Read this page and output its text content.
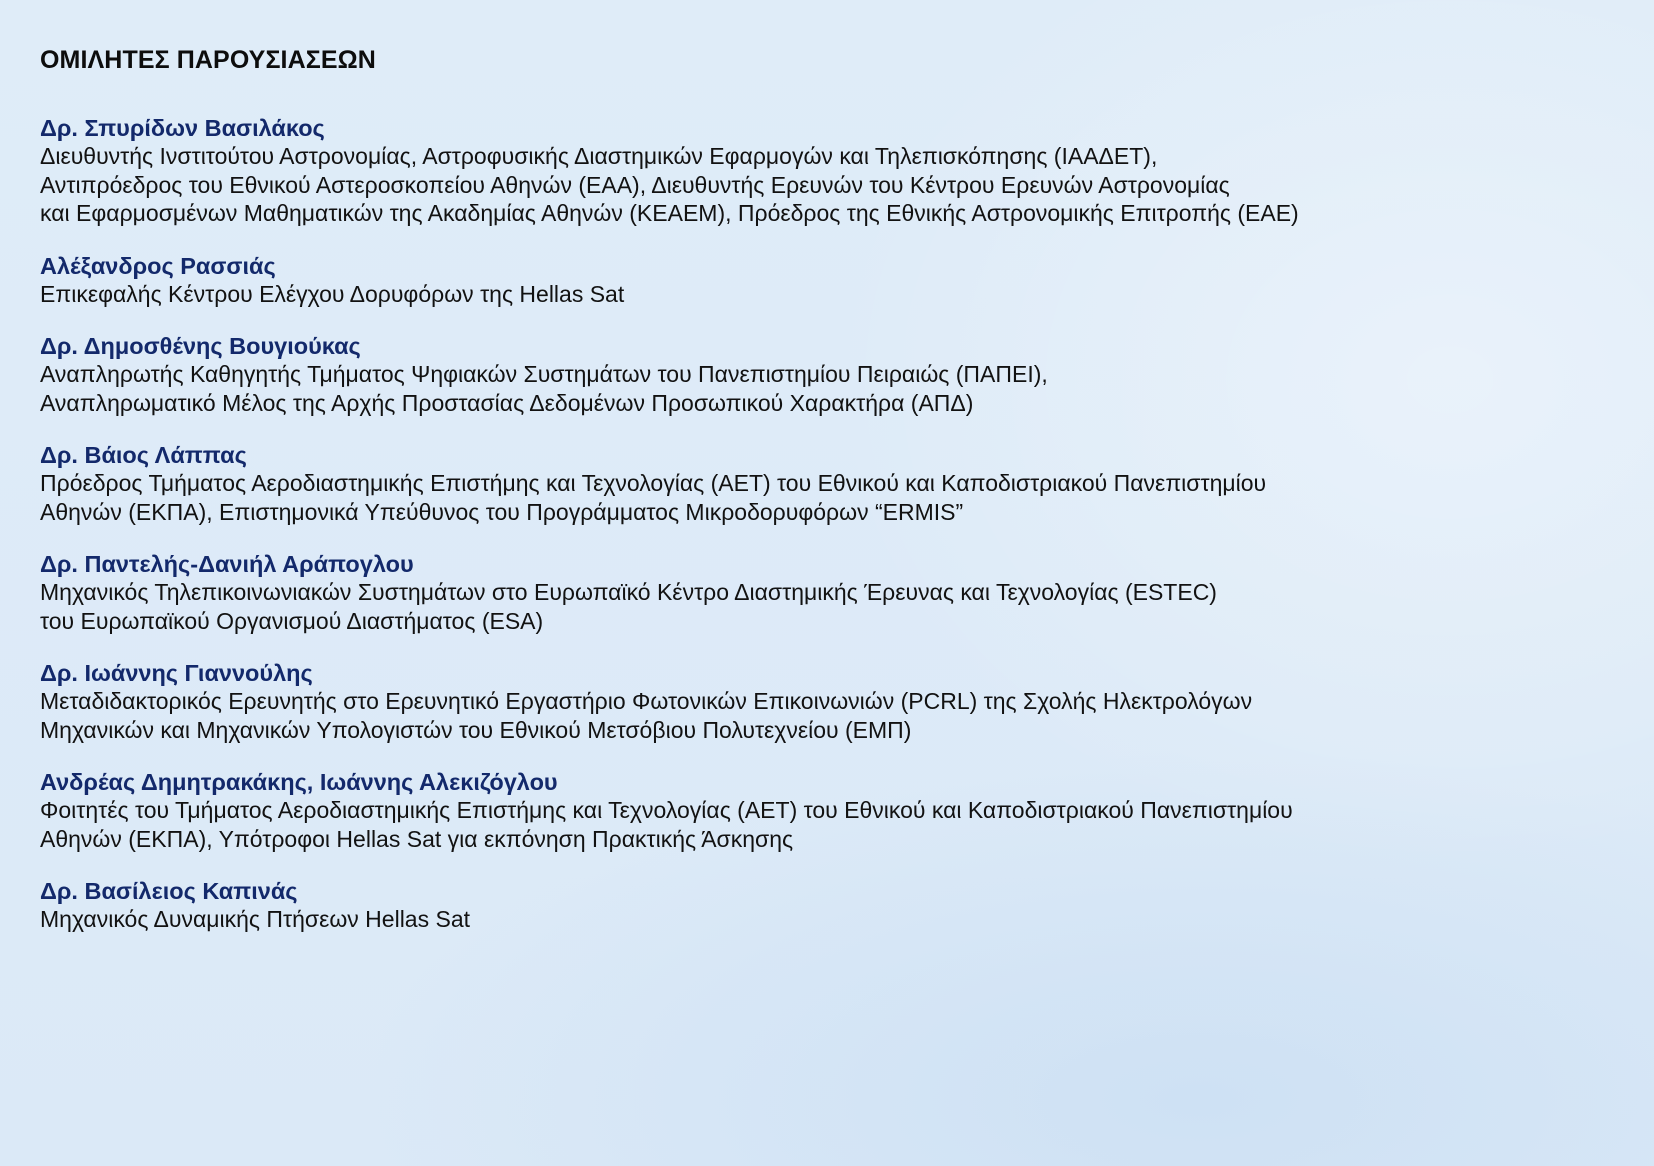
ΟΜΙΛΗΤΕΣ ΠΑΡΟΥΣΙΑΣΕΩΝ
Δρ. Σπυρίδων Βασιλάκος
Διευθυντής Ινστιτούτου Αστρονομίας, Αστροφυσικής Διαστημικών Εφαρμογών και Τηλεπισκόπησης (ΙΑΑΔΕΤ),
Αντιπρόεδρος του Εθνικού Αστεροσκοπείου Αθηνών (ΕΑΑ), Διευθυντής Ερευνών του Κέντρου Ερευνών Αστρονομίας
και Εφαρμοσμένων Μαθηματικών της Ακαδημίας Αθηνών (ΚΕΑΕΜ), Πρόεδρος της Εθνικής Αστρονομικής Επιτροπής (ΕΑΕ)
Αλέξανδρος Ρασσιάς
Επικεφαλής Κέντρου Ελέγχου Δορυφόρων της Hellas Sat
Δρ. Δημοσθένης Βουγιούκας
Αναπληρωτής Καθηγητής Τμήματος Ψηφιακών Συστημάτων του Πανεπιστημίου Πειραιώς (ΠΑΠΕΙ),
Αναπληρωματικό Μέλος της Αρχής Προστασίας Δεδομένων Προσωπικού Χαρακτήρα (ΑΠΔ)
Δρ. Βάιος Λάππας
Πρόεδρος Τμήματος Αεροδιαστημικής Επιστήμης και Τεχνολογίας (ΑΕΤ) του Εθνικού και Καποδιστριακού Πανεπιστημίου
Αθηνών (ΕΚΠΑ), Επιστημονικά Υπεύθυνος του Προγράμματος Μικροδορυφόρων “ERMIS”
Δρ. Παντελής-Δανιήλ Αράπογλου
Μηχανικός Τηλεπικοινωνιακών Συστημάτων στο Ευρωπαϊκό Κέντρο Διαστημικής Έρευνας και Τεχνολογίας (ESTEC)
του Ευρωπαϊκού Οργανισμού Διαστήματος (ESA)
Δρ. Ιωάννης Γιαννούλης
Μεταδιδακτορικός Ερευνητής στο Ερευνητικό Εργαστήριο Φωτονικών Επικοινωνιών (PCRL) της Σχολής Ηλεκτρολόγων
Μηχανικών και Μηχανικών Υπολογιστών του Εθνικού Μετσόβιου Πολυτεχνείου (ΕΜΠ)
Ανδρέας Δημητρακάκης, Ιωάννης Αλεκιζόγλου
Φοιτητές του Τμήματος Αεροδιαστημικής Επιστήμης και Τεχνολογίας (ΑΕΤ) του Εθνικού και Καποδιστριακού Πανεπιστημίου
Αθηνών (ΕΚΠΑ), Υπότροφοι Hellas Sat για εκπόνηση Πρακτικής Άσκησης
Δρ. Βασίλειος Καπινάς
Μηχανικός Δυναμικής Πτήσεων Hellas Sat
